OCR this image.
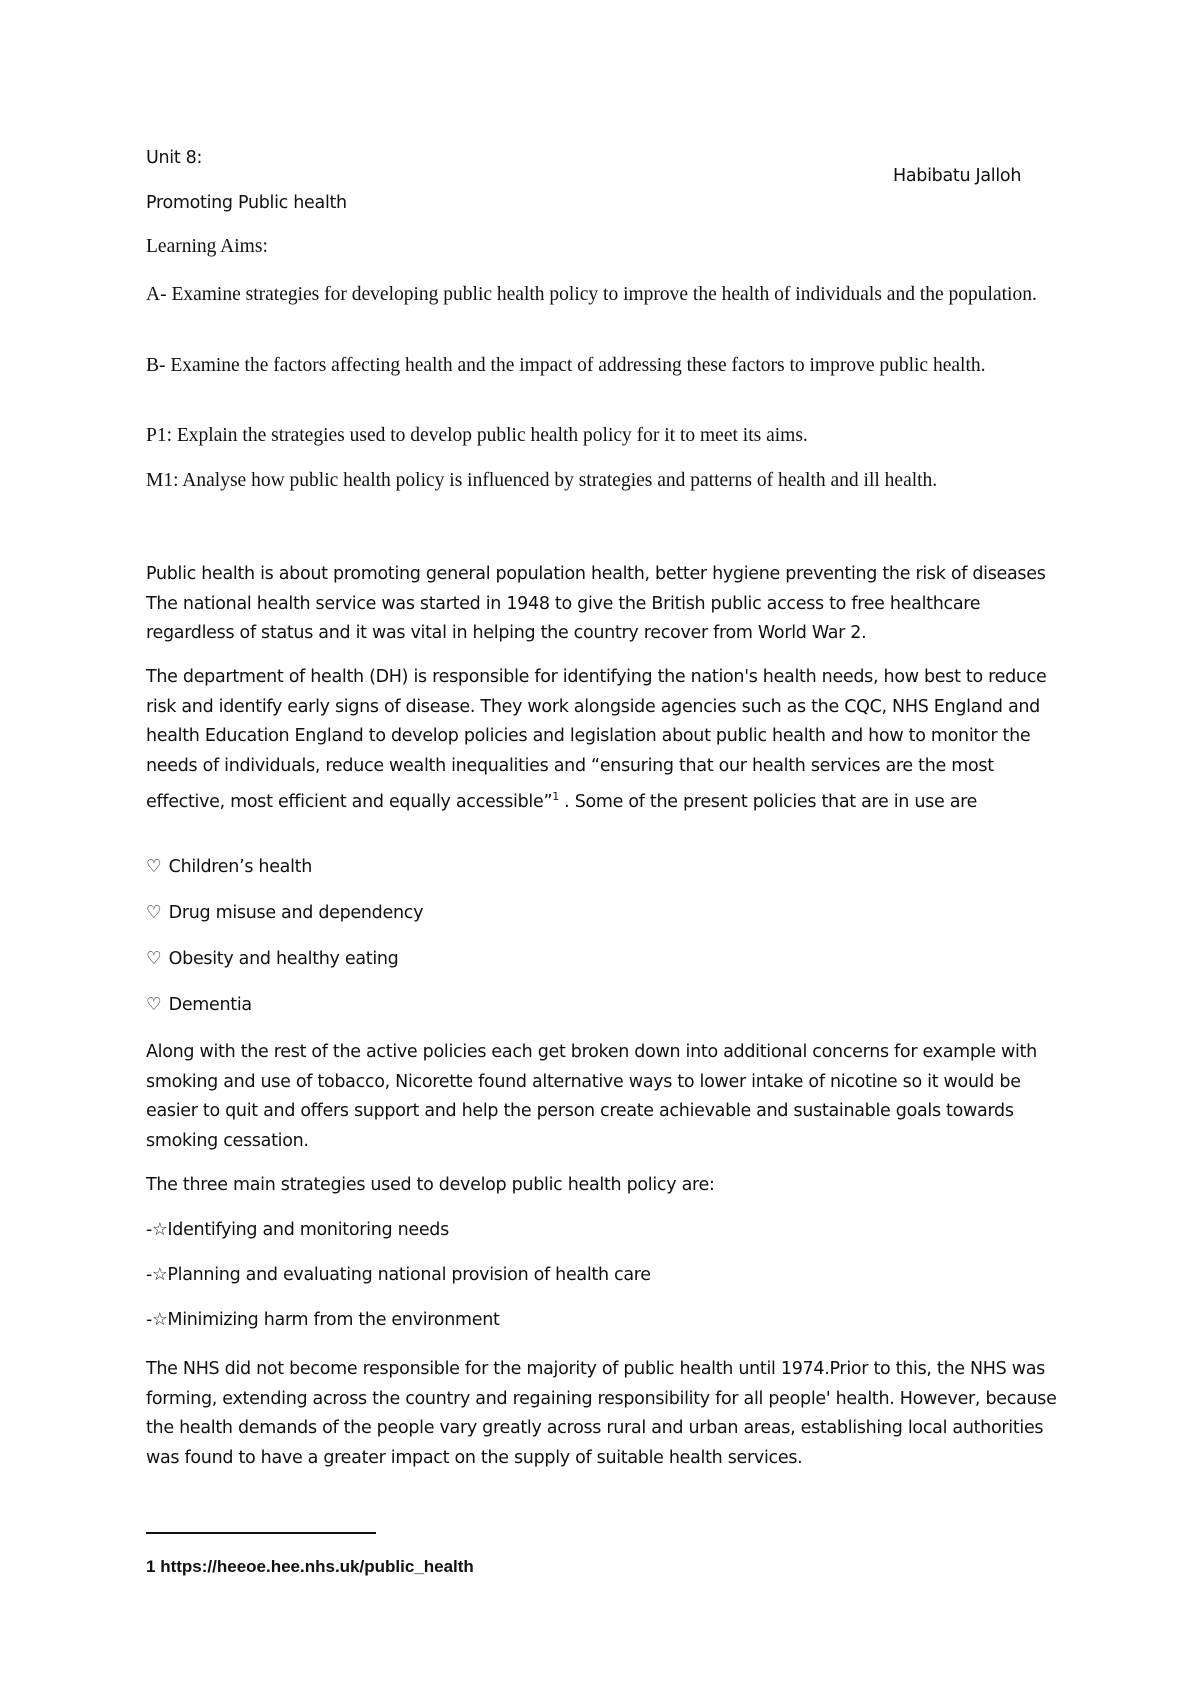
Unit 8:

Habibatu Jalloh

Promoting Public health

Learning Aims:

A- Examine strategies for developing public health policy to improve the health of individuals and the population.

B- Examine the factors affecting health and the impact of addressing these factors to improve public health.

P1: Explain the strategies used to develop public health policy for it to meet its aims.

M1: Analyse how public health policy is influenced by strategies and patterns of health and ill health.

Public health is about promoting general population health, better hygiene preventing the risk of diseases The national health service was started in 1948 to give the British public access to free healthcare regardless of status and it was vital in helping the country recover from World War 2.

The department of health (DH) is responsible for identifying the nation's health needs, how best to reduce risk and identify early signs of disease. They work alongside agencies such as the CQC, NHS England and health Education England to develop policies and legislation about public health and how to monitor the needs of individuals, reduce wealth inequalities and “ensuring that our health services are the most effective, most efficient and equally accessible”$^1$ . Some of the present policies that are in use are

♡ Children’s health

♡ Drug misuse and dependency

♡ Obesity and healthy eating

♡ Dementia

Along with the rest of the active policies each get broken down into additional concerns for example with smoking and use of tobacco, Nicorette found alternative ways to lower intake of nicotine so it would be easier to quit and offers support and help the person create achievable and sustainable goals towards smoking cessation.

The three main strategies used to develop public health policy are:

-☆Identifying and monitoring needs

-☆Planning and evaluating national provision of health care

-☆Minimizing harm from the environment

The NHS did not become responsible for the majority of public health until 1974.Prior to this, the NHS was forming, extending across the country and regaining responsibility for all people' health. However, because the health demands of the people vary greatly across rural and urban areas, establishing local authorities was found to have a greater impact on the supply of suitable health services.

1 https://heeoe.hee.nhs.uk/public_health
